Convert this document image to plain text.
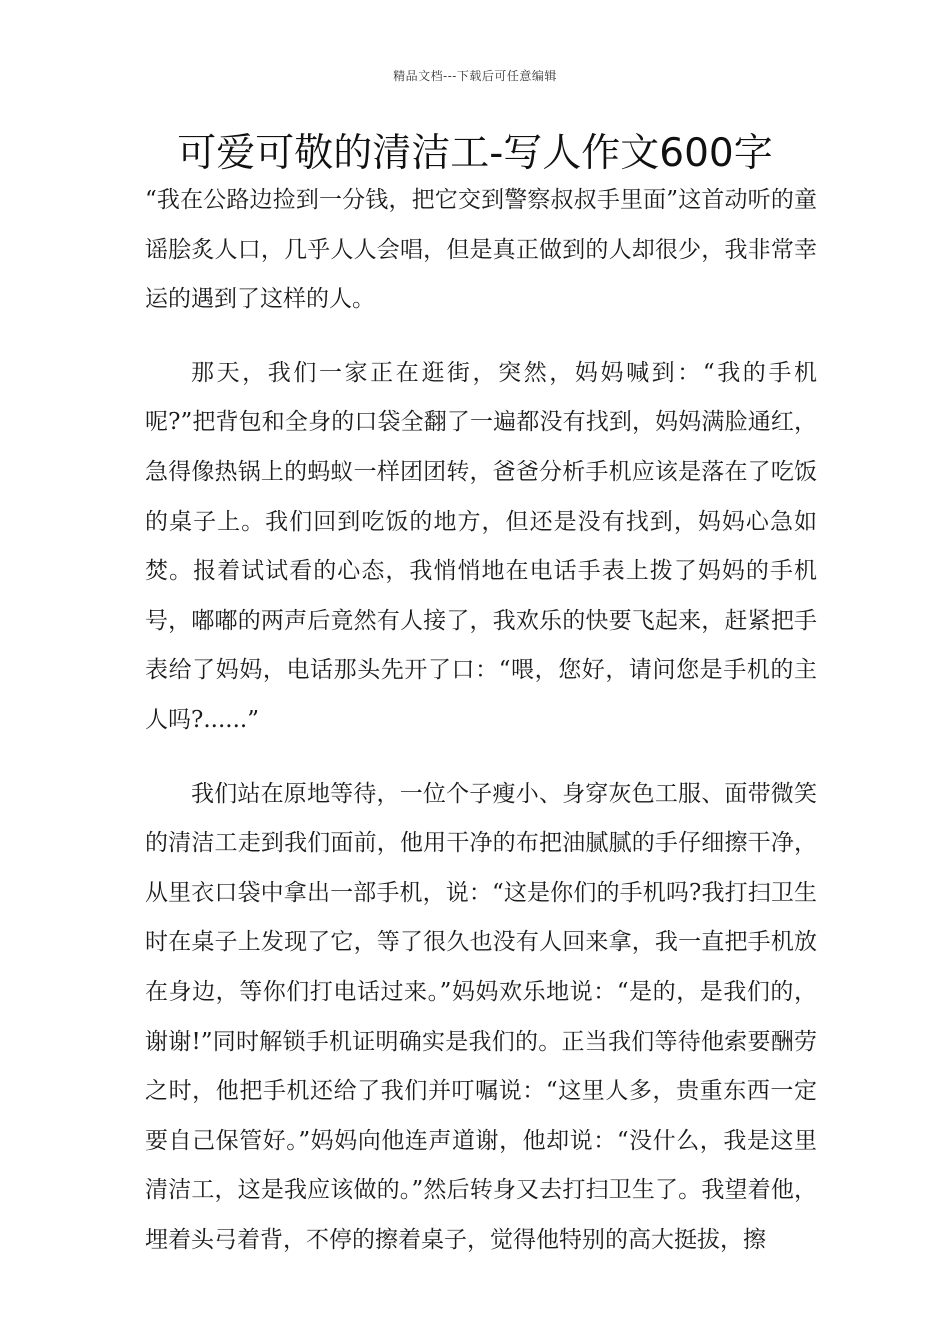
精品文档---下载后可任意编辑
可爱可敬的清洁工-写人作文600字

“我在公路边捡到一分钱，把它交到警察叔叔手里面”这首动听的童谣脍炙人口，几乎人人会唱，但是真正做到的人却很少，我非常幸运的遇到了这样的人。

那天，我们一家正在逛街，突然，妈妈喊到：“我的手机呢?”把背包和全身的口袋全翻了一遍都没有找到，妈妈满脸通红，急得像热锅上的蚂蚁一样团团转，爸爸分析手机应该是落在了吃饭的桌子上。我们回到吃饭的地方，但还是没有找到，妈妈心急如焚。报着试试看的心态，我悄悄地在电话手表上拨了妈妈的手机号，嘟嘟的两声后竟然有人接了，我欢乐的快要飞起来，赶紧把手表给了妈妈，电话那头先开了口：“喂，您好，请问您是手机的主人吗?......”

我们站在原地等待，一位个子瘦小、身穿灰色工服、面带微笑的清洁工走到我们面前，他用干净的布把油腻腻的手仔细擦干净，从里衣口袋中拿出一部手机，说：“这是你们的手机吗?我打扫卫生时在桌子上发现了它，等了很久也没有人回来拿，我一直把手机放在身边，等你们打电话过来。”妈妈欢乐地说：“是的，是我们的，谢谢!”同时解锁手机证明确实是我们的。正当我们等待他索要酬劳之时，他把手机还给了我们并叮嘱说：“这里人多，贵重东西一定要自己保管好。”妈妈向他连声道谢，他却说：“没什么，我是这里清洁工，这是我应该做的。”然后转身又去打扫卫生了。我望着他，埋着头弓着背，不停的擦着桌子，觉得他特别的高大挺拔，擦
